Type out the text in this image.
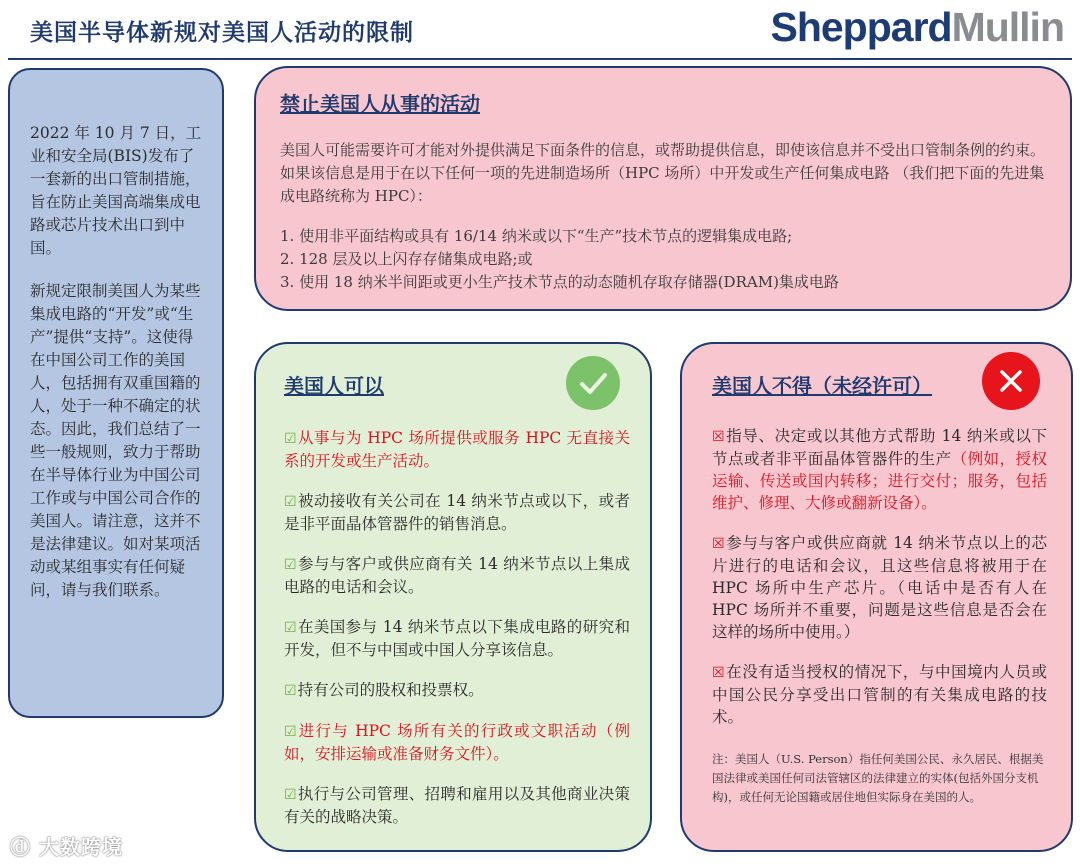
美国半导体新规对美国人活动的限制	SheppardMullin

2022 年 10 月 7 日，工业和安全局(BIS)发布了一套新的出口管制措施，旨在防止美国高端集成电路或芯片技术出口到中国。

新规定限制美国人为某些集成电路的“开发”或“生产”提供“支持”。这使得在中国公司工作的美国人，包括拥有双重国籍的人，处于一种不确定的状态。因此，我们总结了一些一般规则，致力于帮助在半导体行业为中国公司工作或与中国公司合作的美国人。请注意，这并不是法律建议。如对某项活动或某组事实有任何疑问，请与我们联系。

禁止美国人从事的活动
美国人可能需要许可才能对外提供满足下面条件的信息，或帮助提供信息，即使该信息并不受出口管制条例的约束。如果该信息是用于在以下任何一项的先进制造场所（HPC 场所）中开发或生产任何集成电路 （我们把下面的先进集成电路统称为 HPC）：
1. 使用非平面结构或具有 16/14 纳米或以下“生产”技术节点的逻辑集成电路;
2. 128 层及以上闪存存储集成电路;或
3. 使用 18 纳米半间距或更小生产技术节点的动态随机存取存储器(DRAM)集成电路
美国人可以
☑从事与为 HPC 场所提供或服务 HPC 无直接关系的开发或生产活动。
☑被动接收有关公司在 14 纳米节点或以下，或者是非平面晶体管器件的销售消息。
☑参与与客户或供应商有关 14 纳米节点以上集成电路的电话和会议。
☑在美国参与 14 纳米节点以下集成电路的研究和开发，但不与中国或中国人分享该信息。
☑持有公司的股权和投票权。
☑进行与 HPC 场所有关的行政或文职活动（例如，安排运输或准备财务文件）。
☑执行与公司管理、招聘和雇用以及其他商业决策有关的战略决策。
美国人不得（未经许可）
☒指导、决定或以其他方式帮助 14 纳米或以下节点或者非平面晶体管器件的生产（例如，授权运输、传送或国内转移；进行交付；服务，包括维护、修理、大修或翻新设备）。
☒参与与客户或供应商就 14 纳米节点以上的芯片进行的电话和会议，且这些信息将被用于在 HPC 场所中生产芯片。（电话中是否有人在 HPC 场所并不重要，问题是这些信息是否会在这样的场所中使用。）
☒在没有适当授权的情况下，与中国境内人员或中国公民分享受出口管制的有关集成电路的技术。
注：美国人（U.S. Person）指任何美国公民、永久居民、根据美国法律或美国任何司法管辖区的法律建立的实体(包括外国分支机构)，或任何无论国籍或居住地但实际身在美国的人。
ⓓ 大数跨境
